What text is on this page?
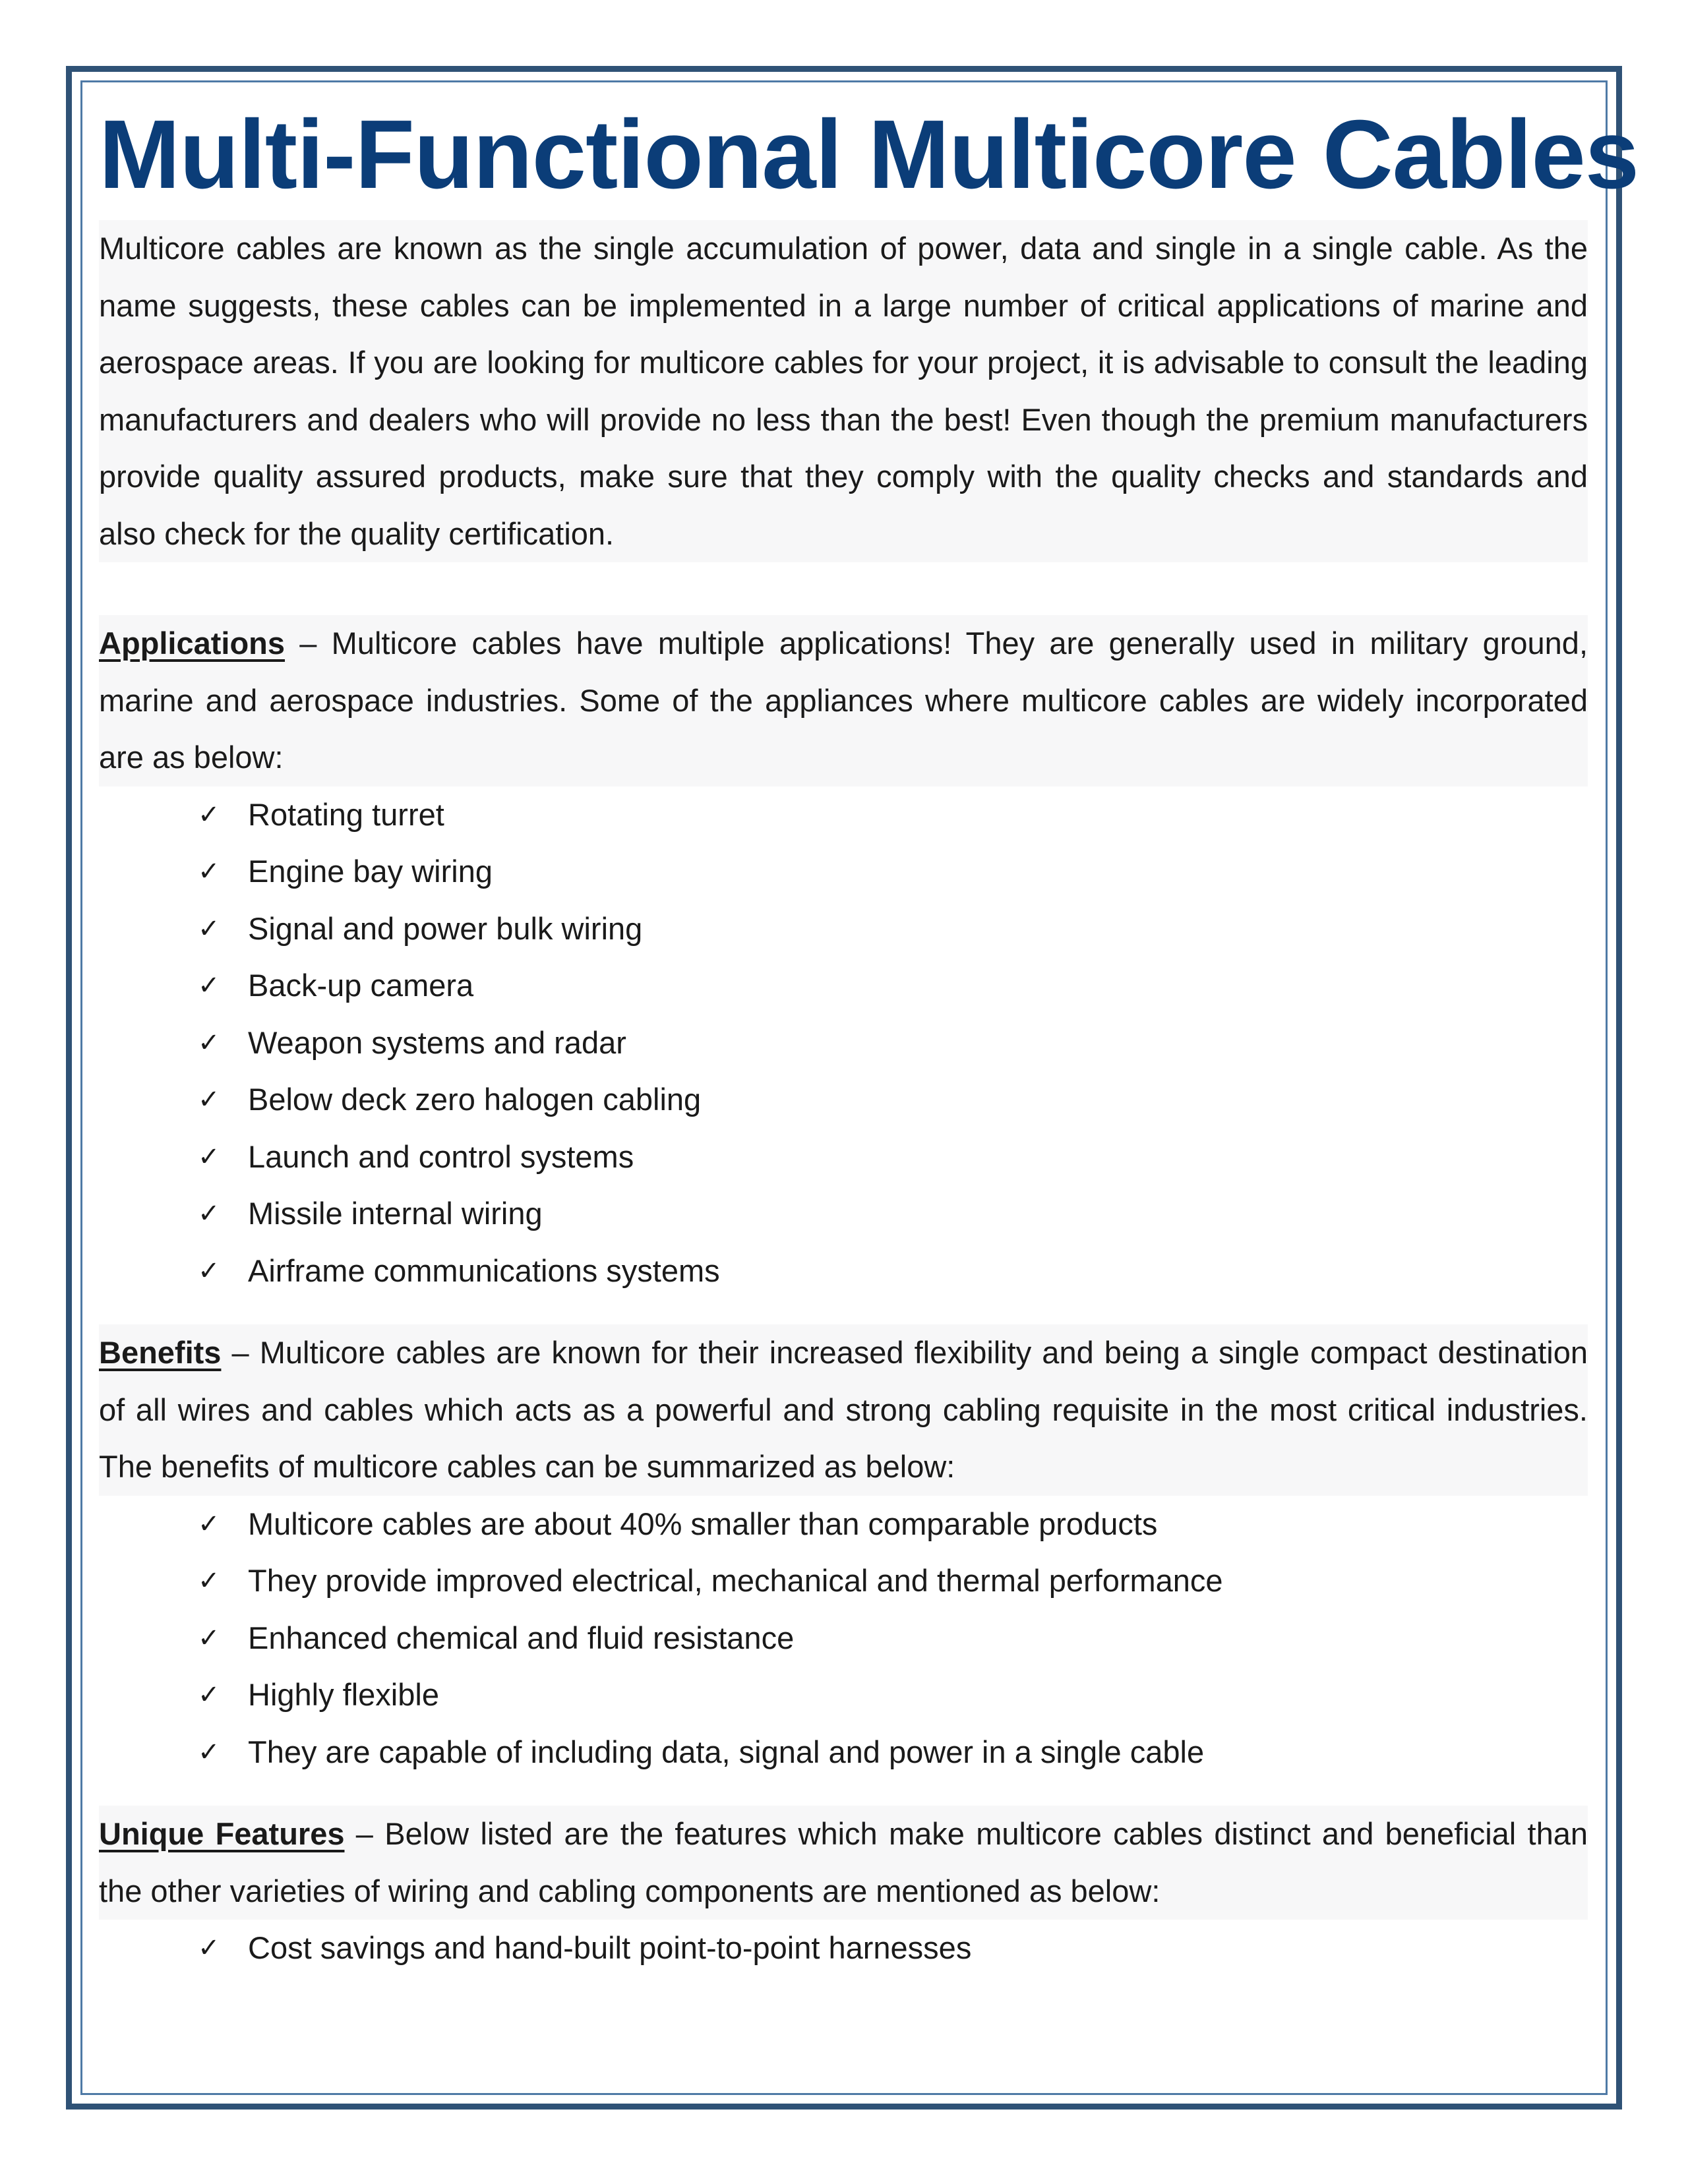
Multi-Functional Multicore Cables

Multicore cables are known as the single accumulation of power, data and single in a single cable. As the name suggests, these cables can be implemented in a large number of critical applications of marine and aerospace areas. If you are looking for multicore cables for your project, it is advisable to consult the leading manufacturers and dealers who will provide no less than the best! Even though the premium manufacturers provide quality assured products, make sure that they comply with the quality checks and standards and also check for the quality certification.

Applications – Multicore cables have multiple applications! They are generally used in military ground, marine and aerospace industries. Some of the appliances where multicore cables are widely incorporated are as below:

✓ Rotating turret
✓ Engine bay wiring
✓ Signal and power bulk wiring
✓ Back-up camera
✓ Weapon systems and radar
✓ Below deck zero halogen cabling
✓ Launch and control systems
✓ Missile internal wiring
✓ Airframe communications systems

Benefits – Multicore cables are known for their increased flexibility and being a single compact destination of all wires and cables which acts as a powerful and strong cabling requisite in the most critical industries. The benefits of multicore cables can be summarized as below:

✓ Multicore cables are about 40% smaller than comparable products
✓ They provide improved electrical, mechanical and thermal performance
✓ Enhanced chemical and fluid resistance
✓ Highly flexible
✓ They are capable of including data, signal and power in a single cable

Unique Features – Below listed are the features which make multicore cables distinct and beneficial than the other varieties of wiring and cabling components are mentioned as below:

✓ Cost savings and hand-built point-to-point harnesses
